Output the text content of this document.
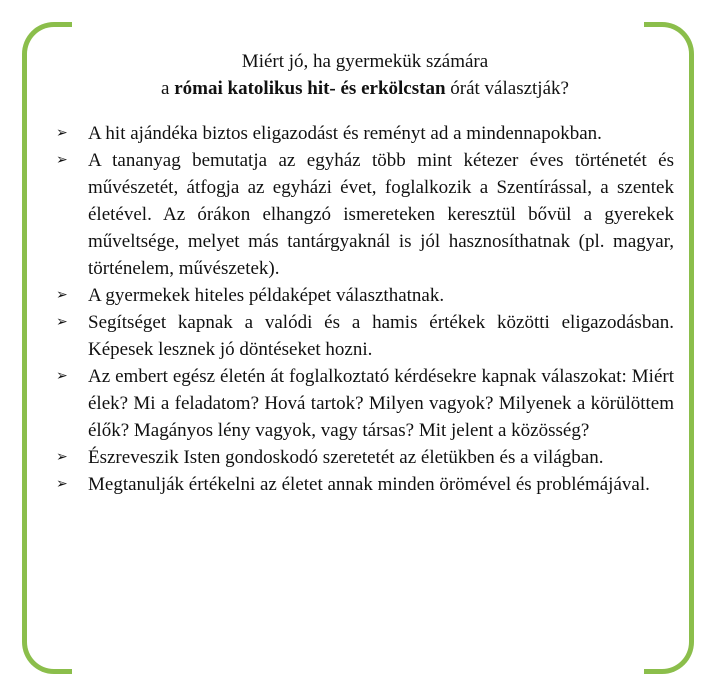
Miért jó, ha gyermekük számára
a római katolikus hit- és erkölcstan órát választják?
➢ A hit ajándéka biztos eligazodást és reményt ad a mindennapokban.
➢ A tananyag bemutatja az egyház több mint kétezer éves történetét és művészetét, átfogja az egyházi évet, foglalkozik a Szentírással, a szentek életével. Az órákon elhangzó ismereteken keresztül bővül a gyerekek műveltsége, melyet más tantárgyaknál is jól hasznosíthatnak (pl. magyar, történelem, művészetek).
➢ A gyermekek hiteles példaképet választhatnak.
➢ Segítséget kapnak a valódi és a hamis értékek közötti eligazodásban. Képesek lesznek jó döntéseket hozni.
➢ Az embert egész életén át foglalkoztató kérdésekre kapnak válaszokat: Miért élek? Mi a feladatom? Hová tartok? Milyen vagyok? Milyenek a körülöttem élők? Magányos lény vagyok, vagy társas? Mit jelent a közösség?
➢ Észreveszik Isten gondoskodó szeretetét az életükben és a világban.
➢ Megtanulják értékelni az életet annak minden örömével és problémájával.
